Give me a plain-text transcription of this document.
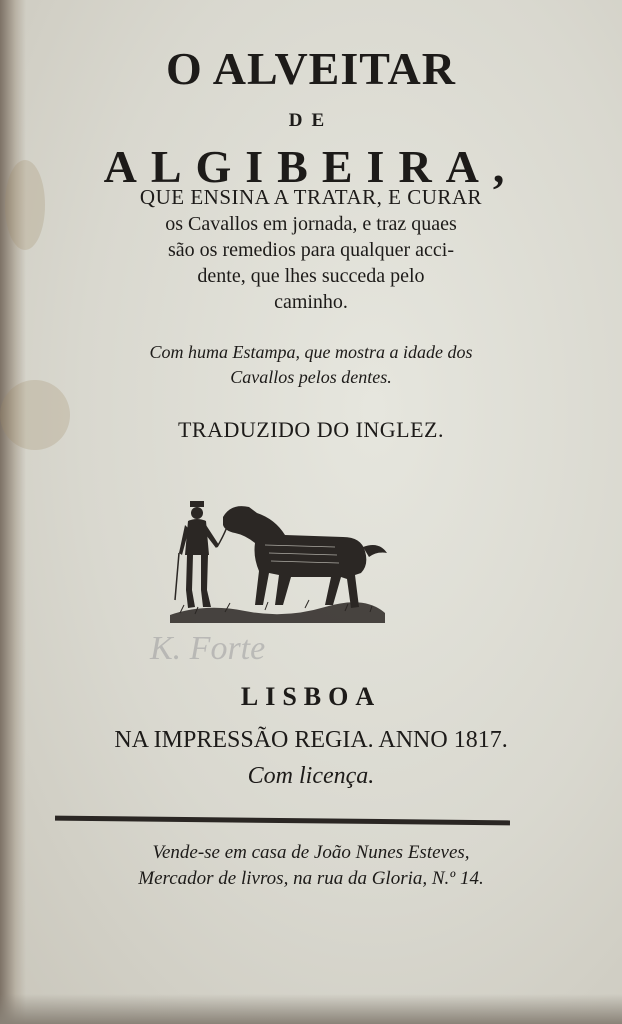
O ALVEITAR
DE
ALGIBEIRA,
QUE ENSINA A TRATAR, E CURAR
os Cavallos em jornada, e traz quaes
são os remedios para qualquer acci-
dente, que lhes succeda pelo
caminho.
Com huma Estampa, que mostra a idade dos
Cavallos pelos dentes.
TRADUZIDO DO INGLEZ.
K. Forte
LISBOA
NA IMPRESSÃO REGIA. ANNO 1817.
Com licença.
Vende-se em casa de João Nunes Esteves,
Mercador de livros, na rua da Gloria, N.º 14.
